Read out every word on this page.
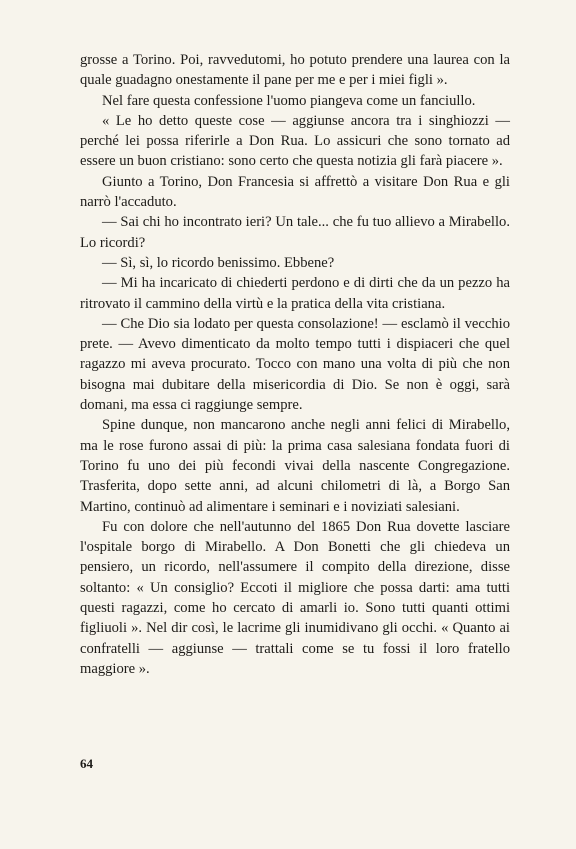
grosse a Torino. Poi, ravvedutomi, ho potuto prendere una laurea con la quale guadagno onestamente il pane per me e per i miei figli ».

Nel fare questa confessione l'uomo piangeva come un fanciullo.

« Le ho detto queste cose — aggiunse ancora tra i singhiozzi — perché lei possa riferirle a Don Rua. Lo assicuri che sono tornato ad essere un buon cristiano: sono certo che questa notizia gli farà piacere ».

Giunto a Torino, Don Francesia si affrettò a visitare Don Rua e gli narrò l'accaduto.

— Sai chi ho incontrato ieri? Un tale... che fu tuo allievo a Mirabello. Lo ricordi?

— Sì, sì, lo ricordo benissimo. Ebbene?

— Mi ha incaricato di chiederti perdono e di dirti che da un pezzo ha ritrovato il cammino della virtù e la pratica della vita cristiana.

— Che Dio sia lodato per questa consolazione! — esclamò il vecchio prete. — Avevo dimenticato da molto tempo tutti i dispiaceri che quel ragazzo mi aveva procurato. Tocco con mano una volta di più che non bisogna mai dubitare della misericordia di Dio. Se non è oggi, sarà domani, ma essa ci raggiunge sempre.

Spine dunque, non mancarono anche negli anni felici di Mirabello, ma le rose furono assai di più: la prima casa salesiana fondata fuori di Torino fu uno dei più fecondi vivai della nascente Congregazione. Trasferita, dopo sette anni, ad alcuni chilometri di là, a Borgo San Martino, continuò ad alimentare i seminari e i noviziati salesiani.

Fu con dolore che nell'autunno del 1865 Don Rua dovette lasciare l'ospitale borgo di Mirabello. A Don Bonetti che gli chiedeva un pensiero, un ricordo, nell'assumere il compito della direzione, disse soltanto: « Un consiglio? Eccoti il migliore che possa darti: ama tutti questi ragazzi, come ho cercato di amarli io. Sono tutti quanti ottimi figliuoli ». Nel dir così, le lacrime gli inumidivano gli occhi. « Quanto ai confratelli — aggiunse — trattali come se tu fossi il loro fratello maggiore ».

64
